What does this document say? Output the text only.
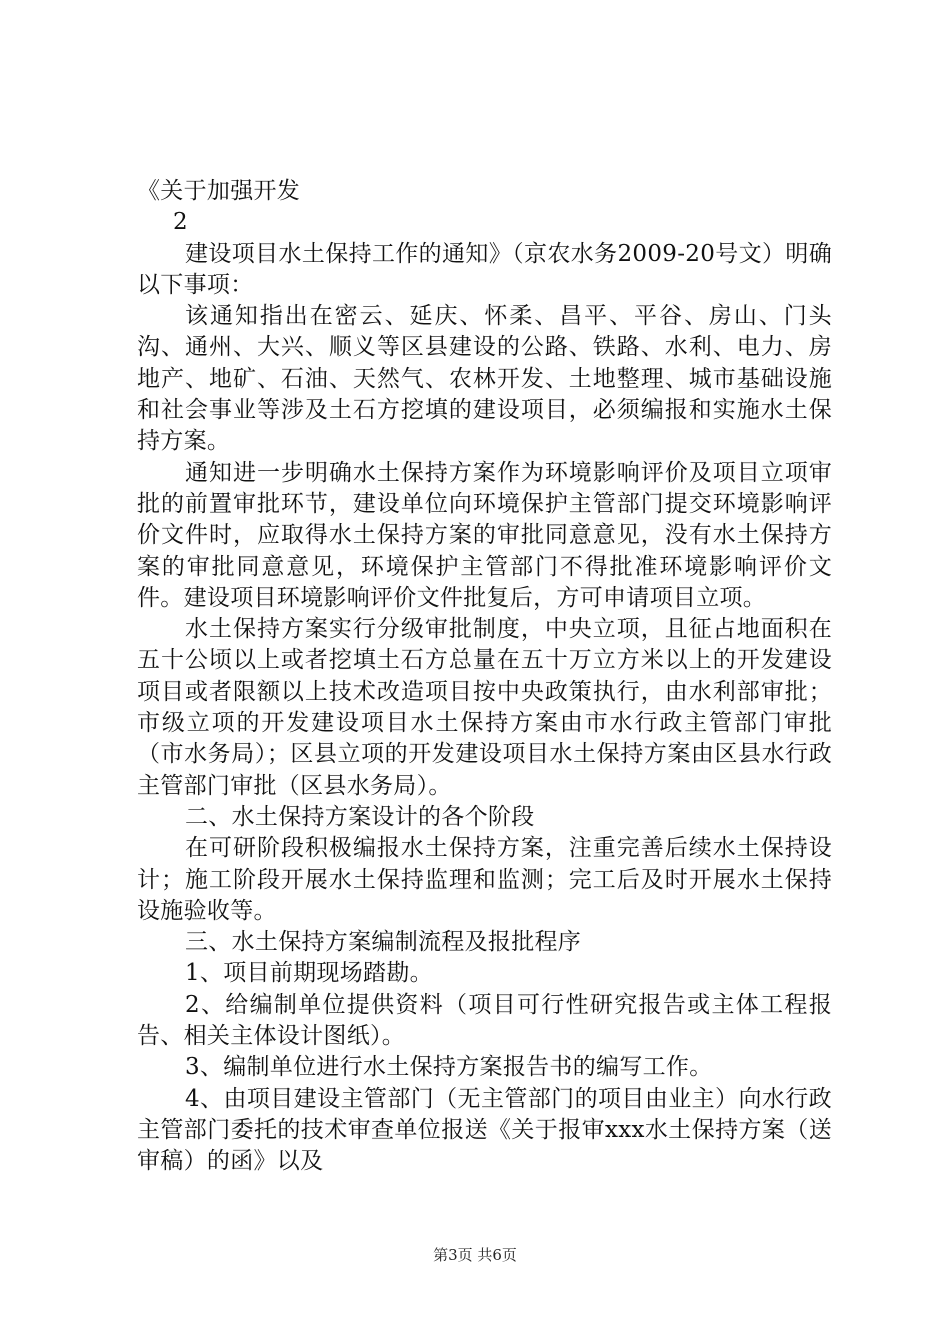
《关于加强开发

2

建设项目水土保持工作的通知》（京农水务2009-20号文）明确以下事项：

该通知指出在密云、延庆、怀柔、昌平、平谷、房山、门头沟、通州、大兴、顺义等区县建设的公路、铁路、水利、电力、房地产、地矿、石油、天然气、农林开发、土地整理、城市基础设施和社会事业等涉及土石方挖填的建设项目，必须编报和实施水土保持方案。

通知进一步明确水土保持方案作为环境影响评价及项目立项审批的前置审批环节，建设单位向环境保护主管部门提交环境影响评价文件时，应取得水土保持方案的审批同意意见，没有水土保持方案的审批同意意见，环境保护主管部门不得批准环境影响评价文件。建设项目环境影响评价文件批复后，方可申请项目立项。

水土保持方案实行分级审批制度，中央立项，且征占地面积在五十公顷以上或者挖填土石方总量在五十万立方米以上的开发建设项目或者限额以上技术改造项目按中央政策执行，由水利部审批；市级立项的开发建设项目水土保持方案由市水行政主管部门审批（市水务局）；区县立项的开发建设项目水土保持方案由区县水行政主管部门审批（区县水务局）。

二、水土保持方案设计的各个阶段

在可研阶段积极编报水土保持方案，注重完善后续水土保持设计；施工阶段开展水土保持监理和监测；完工后及时开展水土保持设施验收等。

三、水土保持方案编制流程及报批程序

1、项目前期现场踏勘。

2、给编制单位提供资料（项目可行性研究报告或主体工程报告、相关主体设计图纸）。

3、编制单位进行水土保持方案报告书的编写工作。

4、由项目建设主管部门（无主管部门的项目由业主）向水行政主管部门委托的技术审查单位报送《关于报审xxx水土保持方案（送审稿）的函》以及

第3页 共6页
